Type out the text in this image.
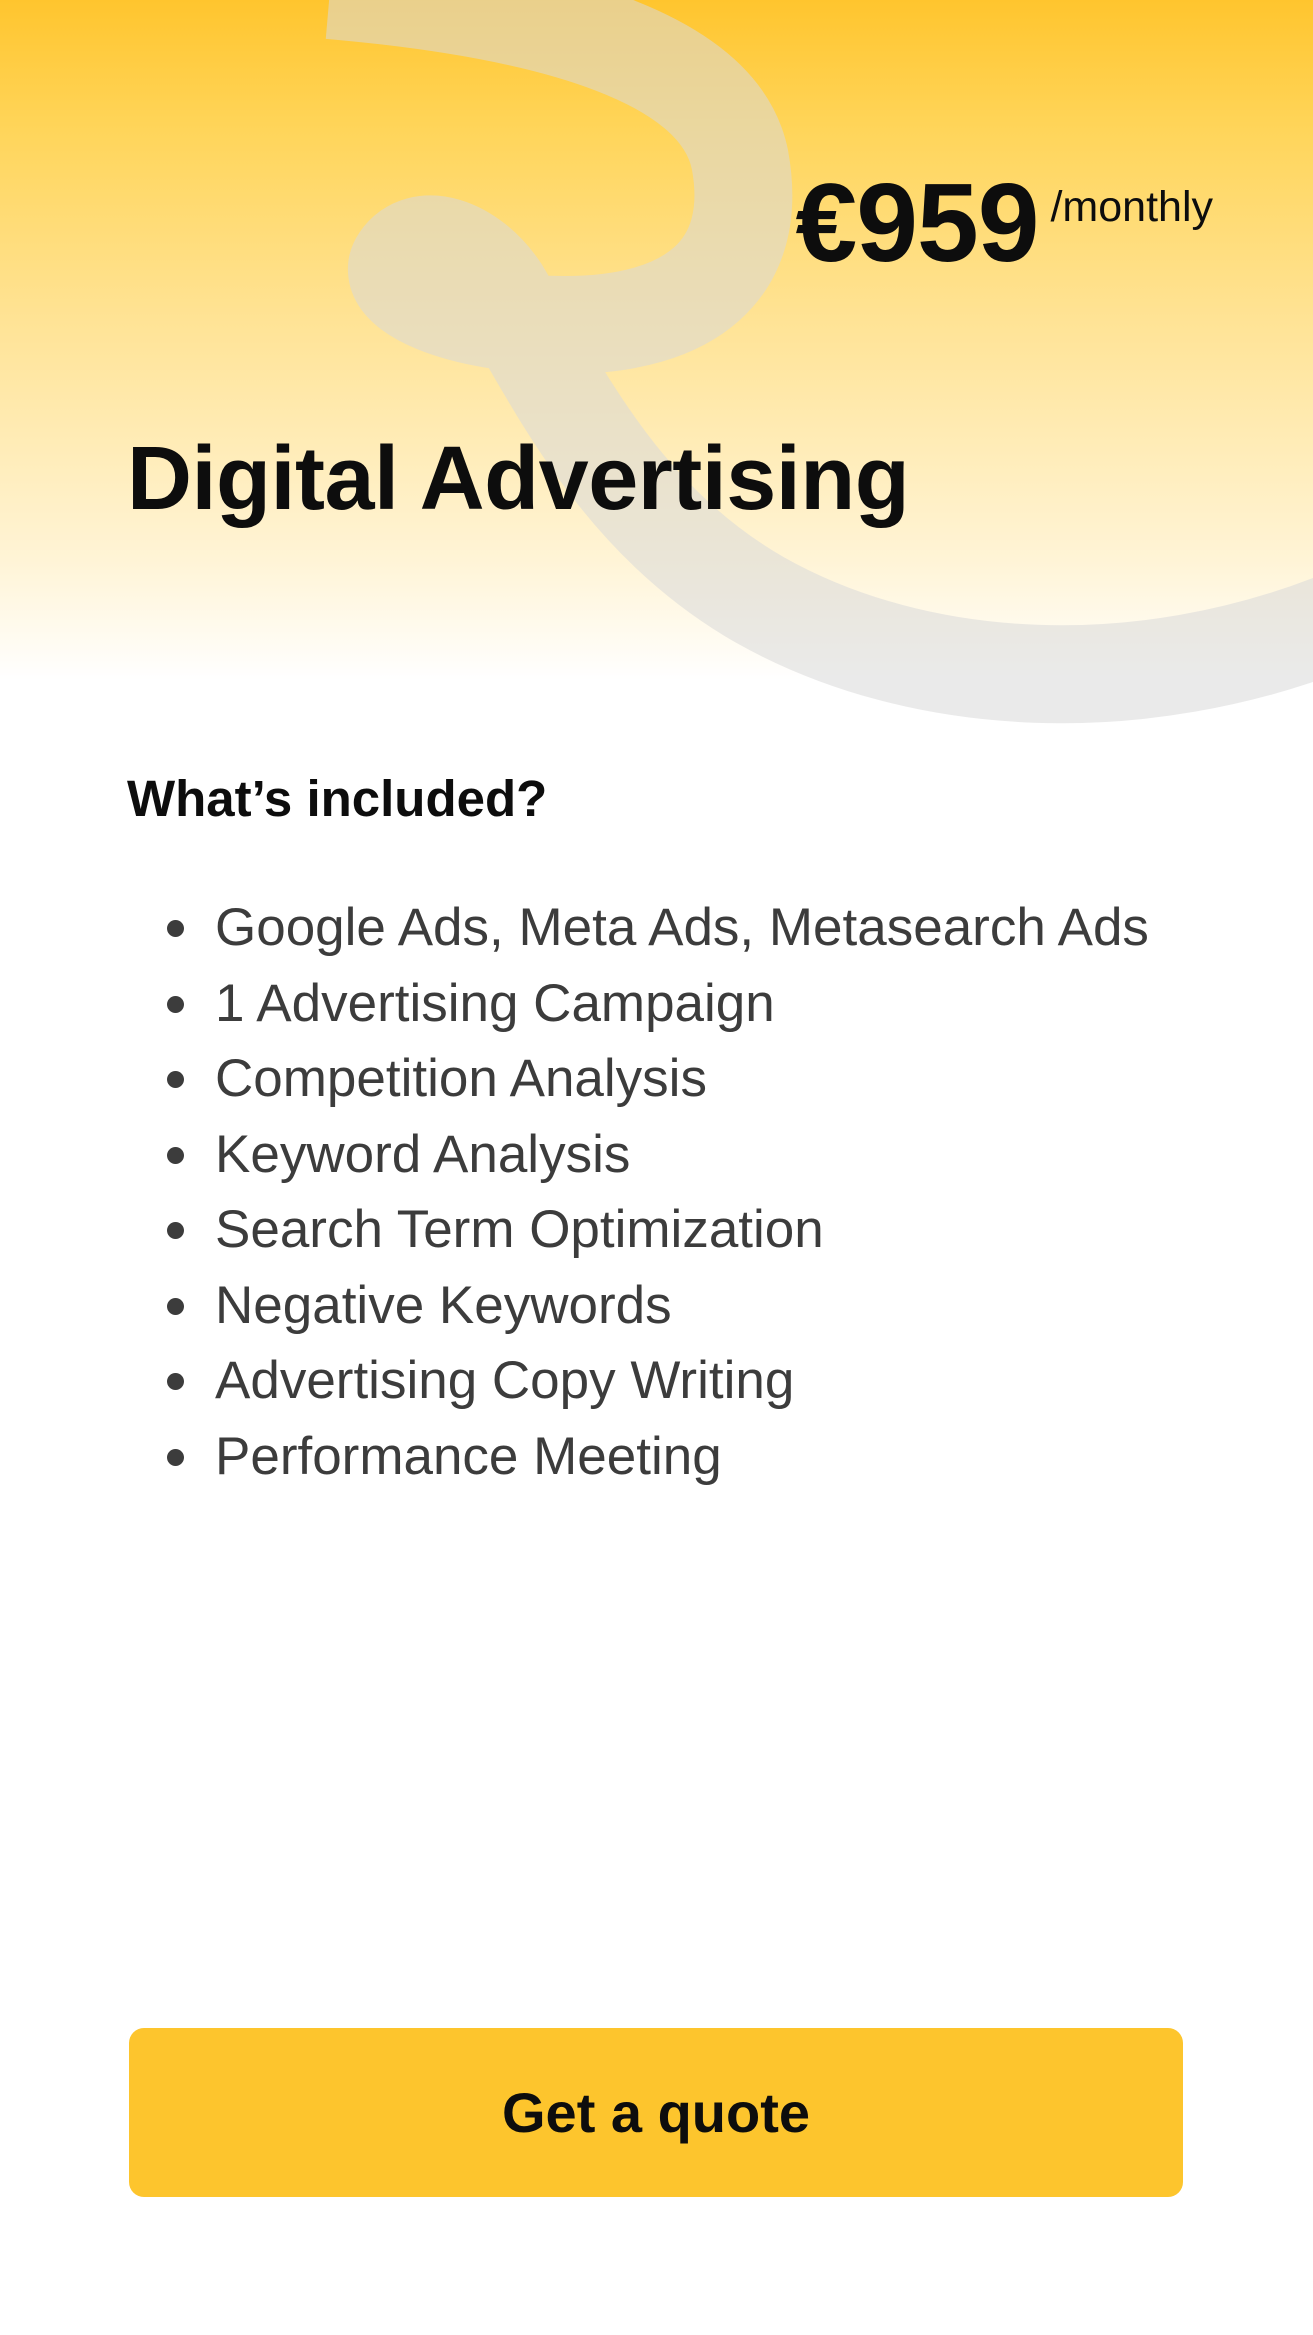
€959 /monthly
Digital Advertising
What’s included?
Google Ads, Meta Ads, Metasearch Ads
1 Advertising Campaign
Competition Analysis
Keyword Analysis
Search Term Optimization
Negative Keywords
Advertising Copy Writing
Performance Meeting
Get a quote
